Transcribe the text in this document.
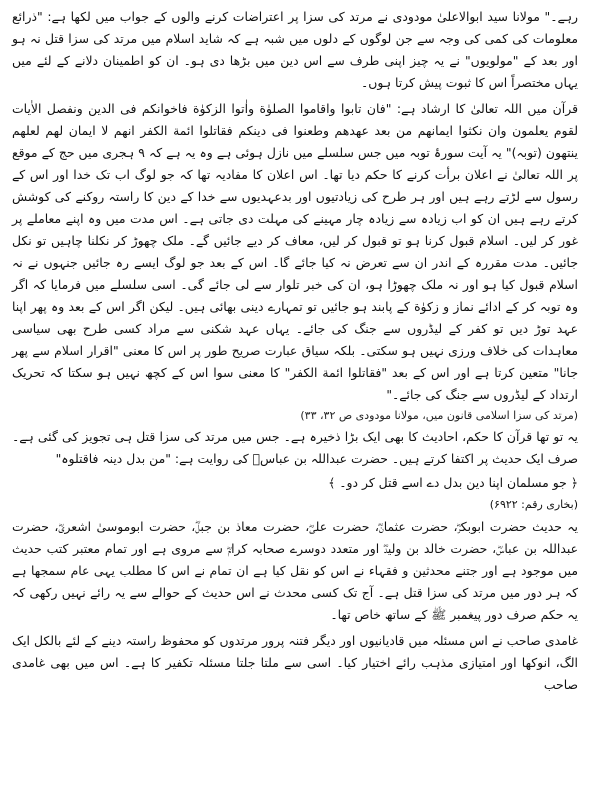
رہے۔" مولانا سید ابوالاعلیٰ مودودی نے مرتد کی سزا پر اعتراضات کرنے والوں کے جواب میں لکھا ہے: "ذرائع معلومات کی کمی کی وجہ سے جن لوگوں کے دلوں میں شبہ ہے کہ شاید اسلام میں مرتد کی سزا قتل نہ ہو اور بعد کے "مولویوں" نے یہ چیز اپنی طرف سے اس دین میں بڑھا دی ہو۔ ان کو اطمینان دلانے کے لئے میں یہاں مختصراً اس کا ثبوت پیش کرتا ہوں۔

قرآن میں اللہ تعالیٰ کا ارشاد ہے: "فان تابوا واقاموا الصلوٰة واٰتوا الزکوٰة فاخوانکم فی الدین ونفصل الاٰیات لقوم یعلمون وان نکثوا ایمانھم من بعد عھدھم وطعنوا فی دینکم فقاتلوا ائمة الکفر انھم لا ایمان لھم لعلھم ینتھون (توبہ)" یہ آیت سورۂ توبہ میں جس سلسلے میں نازل ہوئی ہے وہ یہ ہے کہ ۹ ہجری میں حج کے موقع پر اللہ تعالیٰ نے اعلان برأت کرنے کا حکم دیا تھا۔ اس اعلان کا مفادیہ تھا کہ جو لوگ اب تک خدا اور اس کے رسول سے لڑتے رہے ہیں اور ہر طرح کی زیادتیوں اور بدعہدیوں سے خدا کے دین کا راستہ روکنے کی کوشش کرتے رہے ہیں ان کو اب زیادہ سے زیادہ چار مہینے کی مہلت دی جاتی ہے۔ اس مدت میں وہ اپنے معاملے پر غور کر لیں۔ اسلام قبول کرنا ہو تو قبول کر لیں، معاف کر دیے جائیں گے۔ ملک چھوڑ کر نکلنا چاہیں تو نکل جائیں۔ مدت مقررہ کے اندر ان سے تعرض نہ کیا جائے گا۔ اس کے بعد جو لوگ ایسے رہ جائیں جنہوں نے نہ اسلام قبول کیا ہو اور نہ ملک چھوڑا ہو، ان کی خبر تلوار سے لی جائے گی۔ اسی سلسلے میں فرمایا کہ اگر وہ توبہ کر کے ادائے نماز و زکوٰة کے پابند ہو جائیں تو تمہارے دینی بھائی ہیں۔ لیکن اگر اس کے بعد وہ پھر اپنا عہد توڑ دیں تو کفر کے لیڈروں سے جنگ کی جائے۔ یہاں عہد شکنی سے مراد کسی طرح بھی سیاسی معاہدات کی خلاف ورزی نہیں ہو سکتی۔ بلکہ سیاق عبارت صریح طور پر اس کا معنی "اقرار اسلام سے پھر جانا" متعین کرتا ہے اور اس کے بعد "فقاتلوا ائمة الکفر" کا معنی سوا اس کے کچھ نہیں ہو سکتا کہ تحریک ارتداد کے لیڈروں سے جنگ کی جائے۔"

(مرتد کی سزا اسلامی قانون میں، مولانا مودودی ص ۳۲، ۳۳)

یہ تو تھا قرآن کا حکم، احادیث کا بھی ایک بڑا ذخیرہ ہے۔ جس میں مرتد کی سزا قتل ہی تجویز کی گئی ہے۔ صرف ایک حدیث پر اکتفا کرتے ہیں۔ حضرت عبداللہ بن عباسؓ کی روایت ہے: "من بدل دینہ فاقتلوہ"

﴿ جو مسلمان اپنا دین بدل دے اسے قتل کر دو۔ ﴾
(بخاری رقم: ۶۹۲۲)

یہ حدیث حضرت ابوبکرؓ، حضرت عثمانؓ، حضرت علیؓ، حضرت معاذ بن جبلؓ، حضرت ابوموسیٰ اشعریؓ، حضرت عبداللہ بن عباسؓ، حضرت خالد بن ولیدؓ اور متعدد دوسرے صحابہ کرامؓ سے مروی ہے اور تمام معتبر کتب حدیث میں موجود ہے اور جتنے محدثین و فقہاء نے اس کو نقل کیا ہے ان تمام نے اس کا مطلب یہی عام سمجھا ہے کہ ہر دور میں مرتد کی سزا قتل ہے۔ آج تک کسی محدث نے اس حدیث کے حوالے سے یہ رائے نہیں رکھی کہ یہ حکم صرف دور پیغمبر ﷺ کے ساتھ خاص تھا۔

غامدی صاحب نے اس مسئلہ میں قادیانیوں اور دیگر فتنہ پرور مرتدوں کو محفوظ راستہ دینے کے لئے بالکل ایک الگ، انوکھا اور امتیازی مذہب رائے اختیار کیا۔ اسی سے ملتا جلتا مسئلہ تکفیر کا ہے۔ اس میں بھی غامدی صاحب
